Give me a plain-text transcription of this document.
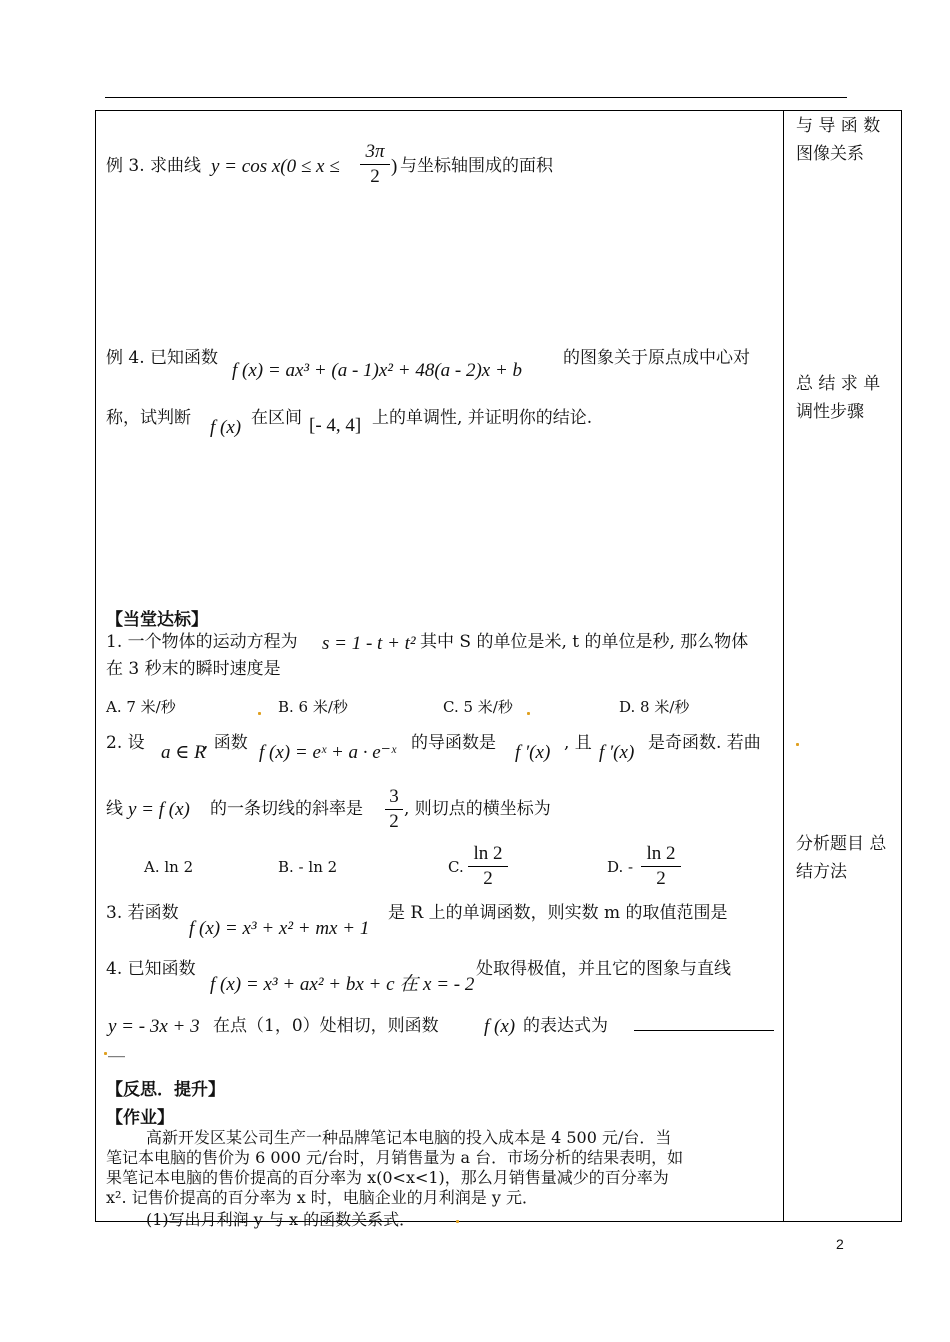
与 导 函 数 图像关系
总 结 求 单 调性步骤
分析题目 总结方法
例 3. 求曲线 y = cos x(0 ≤ x ≤
3π
2 ) 与坐标轴围成的面积
例 4. 已知函数
f (x) = ax³ + (a - 1)x² + 48(a - 2)x + b
的图象关于原点成中心对
称，试判断 f (x) 在区间 [- 4, 4] 上的单调性, 并证明你的结论.
【当堂达标】
1. 一个物体的运动方程为 s = 1 - t + t² 其中 S 的单位是米, t 的单位是秒, 那么物体
在 3 秒末的瞬时速度是
A. 7 米/秒	B. 6 米/秒	C. 5 米/秒	D. 8 米/秒
2. 设 a ∈ R
, 函数 f (x) = eˣ + a · e⁻ˣ 的导函数是 f ′(x) , 且 f ′(x) 是奇函数. 若曲
线 y = f (x) 的一条切线的斜率是
3
2
, 则切点的横坐标为
A. ln 2	B. - ln 2	C.
ln 2
2
D. -
ln 2
2
3. 若函数
f (x) = x³ + x² + mx + 1
是 R 上的单调函数，则实数 m 的取值范围是
4. 已知函数
f (x) = x³ + ax² + bx + c 在 x = - 2
处取得极值，并且它的图象与直线
y = - 3x + 3 在点（1，0）处相切，则函数 f (x) 的表达式为
__
【反思．提升】
【作业】
高新开发区某公司生产一种品牌笔记本电脑的投入成本是 4 500 元/台．当
笔记本电脑的售价为 6 000 元/台时，月销售量为 a 台．市场分析的结果表明，如
果笔记本电脑的售价提高的百分率为 x(0<x<1)，那么月销售量减少的百分率为
x². 记售价提高的百分率为 x 时，电脑企业的月利润是 y 元．
(1)写出月利润 y 与 x 的函数关系式．
2
